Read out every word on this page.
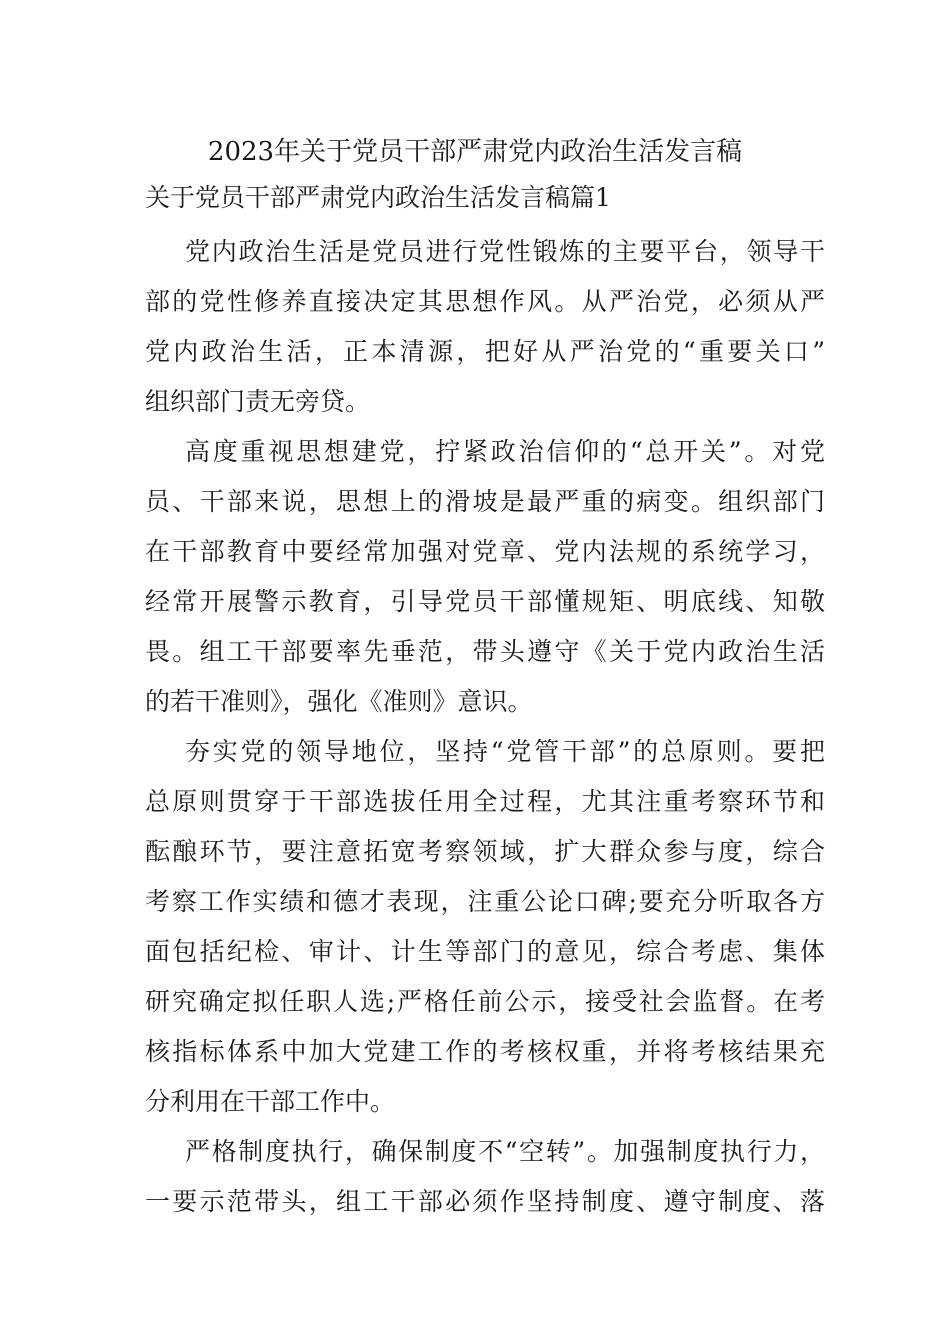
2023年关于党员干部严肃党内政治生活发言稿
关于党员干部严肃党内政治生活发言稿篇1
党内政治生活是党员进行党性锻炼的主要平台，领导干
部的党性修养直接决定其思想作风。从严治党，必须从严
党内政治生活，正本清源，把好从严治党的“重要关口”
组织部门责无旁贷。
高度重视思想建党，拧紧政治信仰的“总开关”。对党
员、干部来说，思想上的滑坡是最严重的病变。组织部门
在干部教育中要经常加强对党章、党内法规的系统学习，
经常开展警示教育，引导党员干部懂规矩、明底线、知敬
畏。组工干部要率先垂范，带头遵守《关于党内政治生活
的若干准则》，强化《准则》意识。
夯实党的领导地位，坚持“党管干部”的总原则。要把
总原则贯穿于干部选拔任用全过程，尤其注重考察环节和
酝酿环节，要注意拓宽考察领域，扩大群众参与度，综合
考察工作实绩和德才表现，注重公论口碑;要充分听取各方
面包括纪检、审计、计生等部门的意见，综合考虑、集体
研究确定拟任职人选;严格任前公示，接受社会监督。在考
核指标体系中加大党建工作的考核权重，并将考核结果充
分利用在干部工作中。
严格制度执行，确保制度不“空转”。加强制度执行力，
一要示范带头，组工干部必须作坚持制度、遵守制度、落
